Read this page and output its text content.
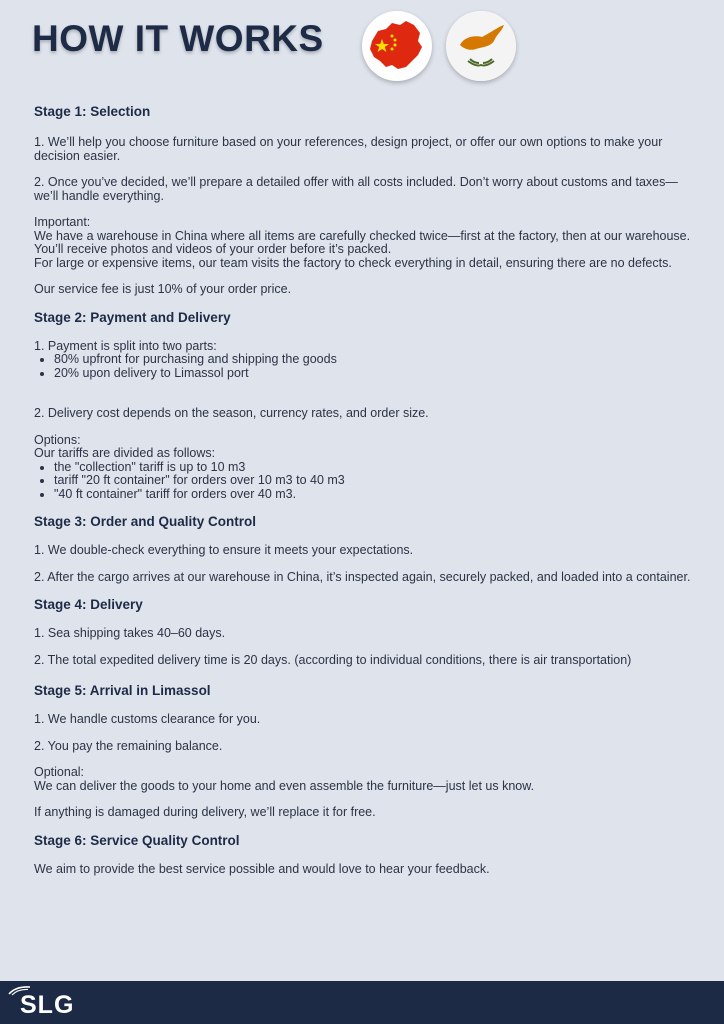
HOW IT WORKS
Stage 1: Selection

1. We’ll help you choose furniture based on your references, design project, or offer our own options to make your decision easier.

2. Once you’ve decided, we’ll prepare a detailed offer with all costs included. Don’t worry about customs and taxes—we’ll handle everything.

Important:

We have a warehouse in China where all items are carefully checked twice—first at the factory, then at our warehouse. You’ll receive photos and videos of your order before it’s packed.

For large or expensive items, our team visits the factory to check everything in detail, ensuring there are no defects.

Our service fee is just 10% of your order price.

Stage 2: Payment and Delivery

1. Payment is split into two parts:

• 80% upfront for purchasing and shipping the goods
• 20% upon delivery to Limassol port

2. Delivery cost depends on the season, currency rates, and order size.

Options:

Our tariffs are divided as follows:

• the "collection" tariff is up to 10 m3
• tariff "20 ft container" for orders over 10 m3 to 40 m3
• "40 ft container" tariff for orders over 40 m3.
Stage 3: Order and Quality Control

1. We double-check everything to ensure it meets your expectations.

2. After the cargo arrives at our warehouse in China, it’s inspected again, securely packed, and loaded into a container.

Stage 4: Delivery

1. Sea shipping takes 40–60 days.

2. The total expedited delivery time is 20 days. (according to individual conditions, there is air transportation)

Stage 5: Arrival in Limassol

1. We handle customs clearance for you.

2. You pay the remaining balance.

Optional:

We can deliver the goods to your home and even assemble the furniture—just let us know.

If anything is damaged during delivery, we’ll replace it for free.

Stage 6: Service Quality Control

We aim to provide the best service possible and would love to hear your feedback.

SLG
